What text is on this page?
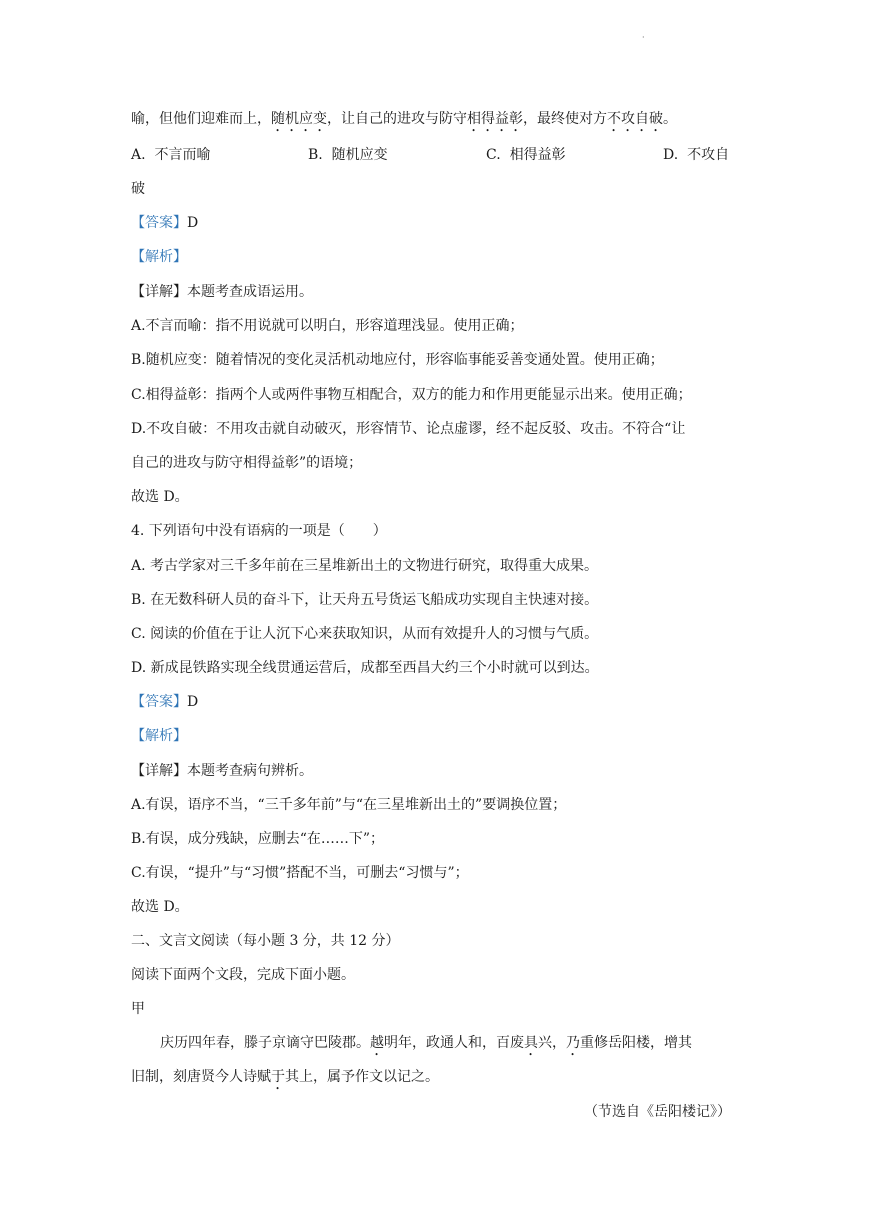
·
喻，但他们迎难而上，随机应变，让自己的进攻与防守相得益彰，最终使对方不攻自破。
A. 不言而喻	B. 随机应变	C. 相得益彰	D. 不攻自
破
【答案】D
【解析】
【详解】本题考查成语运用。
A.不言而喻：指不用说就可以明白，形容道理浅显。使用正确；
B.随机应变：随着情况的变化灵活机动地应付，形容临事能妥善变通处置。使用正确；
C.相得益彰：指两个人或两件事物互相配合，双方的能力和作用更能显示出来。使用正确；
D.不攻自破：不用攻击就自动破灭，形容情节、论点虚谬，经不起反驳、攻击。不符合“让
自己的进攻与防守相得益彰”的语境；
故选 D。
4. 下列语句中没有语病的一项是（　　）
A. 考古学家对三千多年前在三星堆新出土的文物进行研究，取得重大成果。
B. 在无数科研人员的奋斗下，让天舟五号货运飞船成功实现自主快速对接。
C. 阅读的价值在于让人沉下心来获取知识，从而有效提升人的习惯与气质。
D. 新成昆铁路实现全线贯通运营后，成都至西昌大约三个小时就可以到达。
【答案】D
【解析】
【详解】本题考查病句辨析。
A.有误，语序不当，“三千多年前”与“在三星堆新出土的”要调换位置；
B.有误，成分残缺，应删去“在……下”；
C.有误，“提升”与“习惯”搭配不当，可删去“习惯与”；
故选 D。
二、文言文阅读（每小题 3 分，共 12 分）
阅读下面两个文段，完成下面小题。
甲
庆历四年春，滕子京谪守巴陵郡。越明年，政通人和，百废具兴，乃重修岳阳楼，增其
旧制，刻唐贤今人诗赋于其上，属予作文以记之。
（节选自《岳阳楼记》）
